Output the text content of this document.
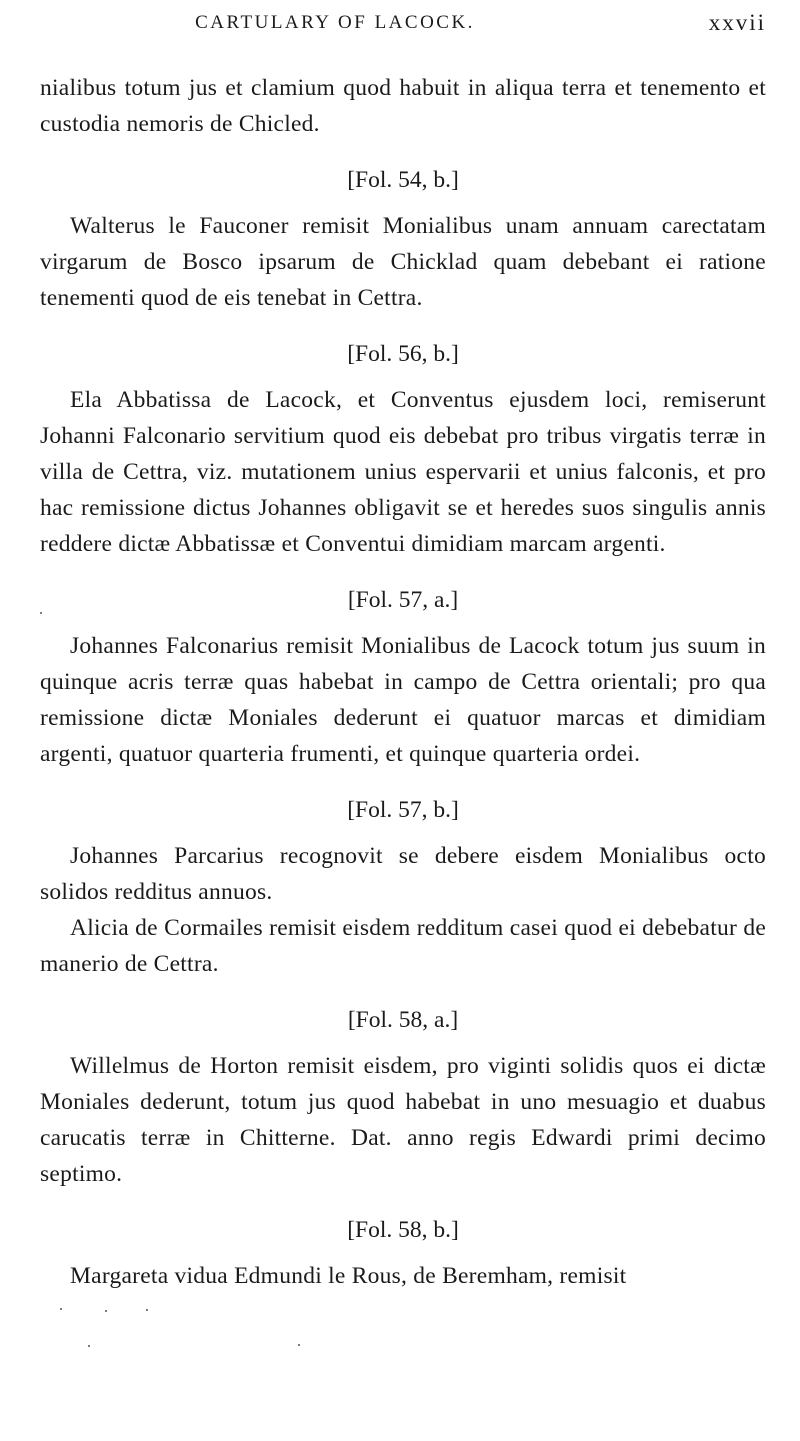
CARTULARY OF LACOCK.	xxvii

nialibus totum jus et clamium quod habuit in aliqua terra et tenemento et custodia nemoris de Chicled.

[Fol. 54, b.]

Walterus le Fauconer remisit Monialibus unam annuam carectatam virgarum de Bosco ipsarum de Chicklad quam debebant ei ratione tenementi quod de eis tenebat in Cettra.

[Fol. 56, b.]

Ela Abbatissa de Lacock, et Conventus ejusdem loci, remiserunt Johanni Falconario servitium quod eis debebat pro tribus virgatis terræ in villa de Cettra, viz. mutationem unius espervarii et unius falconis, et pro hac remissione dictus Johannes obligavit se et heredes suos singulis annis reddere dictæ Abbatissæ et Conventui dimidiam marcam argenti.

[Fol. 57, a.]

Johannes Falconarius remisit Monialibus de Lacock totum jus suum in quinque acris terræ quas habebat in campo de Cettra orientali; pro qua remissione dictæ Moniales dederunt ei quatuor marcas et dimidiam argenti, quatuor quarteria frumenti, et quinque quarteria ordei.

[Fol. 57, b.]

Johannes Parcarius recognovit se debere eisdem Monialibus octo solidos redditus annuos.

Alicia de Cormailes remisit eisdem redditum casei quod ei debebatur de manerio de Cettra.

[Fol. 58, a.]

Willelmus de Horton remisit eisdem, pro viginti solidis quos ei dictæ Moniales dederunt, totum jus quod habebat in uno mesuagio et duabus carucatis terræ in Chitterne. Dat. anno regis Edwardi primi decimo septimo.

[Fol. 58, b.]

Margareta vidua Edmundi le Rous, de Beremham, remisit
